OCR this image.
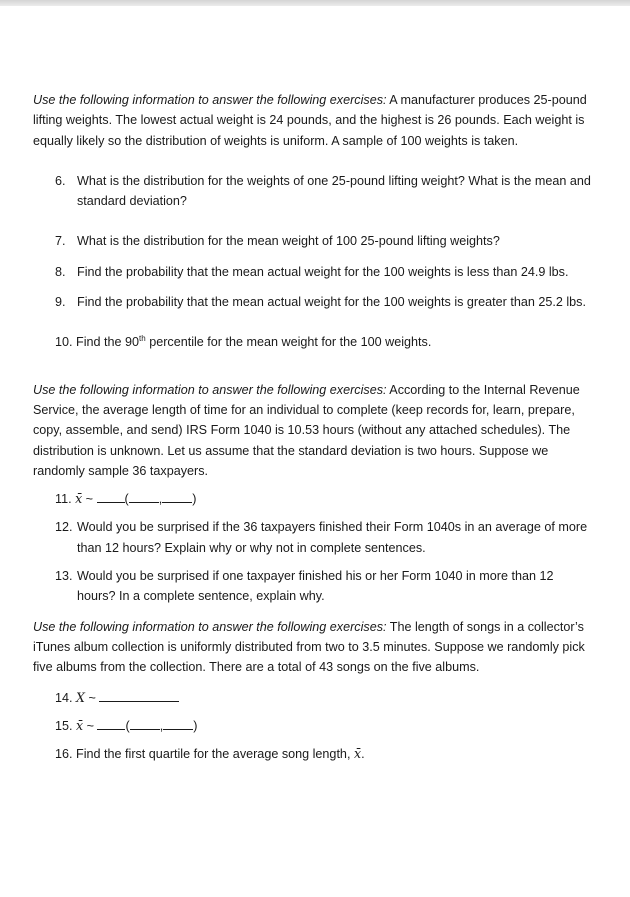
Use the following information to answer the following exercises: A manufacturer produces 25-pound lifting weights. The lowest actual weight is 24 pounds, and the highest is 26 pounds. Each weight is equally likely so the distribution of weights is uniform. A sample of 100 weights is taken.

6. What is the distribution for the weights of one 25-pound lifting weight? What is the mean and standard deviation?
7. What is the distribution for the mean weight of 100 25-pound lifting weights?
8. Find the probability that the mean actual weight for the 100 weights is less than 24.9 lbs.
9. Find the probability that the mean actual weight for the 100 weights is greater than 25.2 lbs.
10. Find the 90th percentile for the mean weight for the 100 weights.

Use the following information to answer the following exercises: According to the Internal Revenue Service, the average length of time for an individual to complete (keep records for, learn, prepare, copy, assemble, and send) IRS Form 1040 is 10.53 hours (without any attached schedules). The distribution is unknown. Let us assume that the standard deviation is two hours. Suppose we randomly sample 36 taxpayers.

11. x̄ ~ ( , )
12. Would you be surprised if the 36 taxpayers finished their Form 1040s in an average of more than 12 hours? Explain why or why not in complete sentences.
13. Would you be surprised if one taxpayer finished his or her Form 1040 in more than 12 hours? In a complete sentence, explain why.

Use the following information to answer the following exercises: The length of songs in a collector’s iTunes album collection is uniformly distributed from two to 3.5 minutes. Suppose we randomly pick five albums from the collection. There are a total of 43 songs on the five albums.

14. X ~
15. x̄ ~ ( , )
16. Find the first quartile for the average song length, x̄.
